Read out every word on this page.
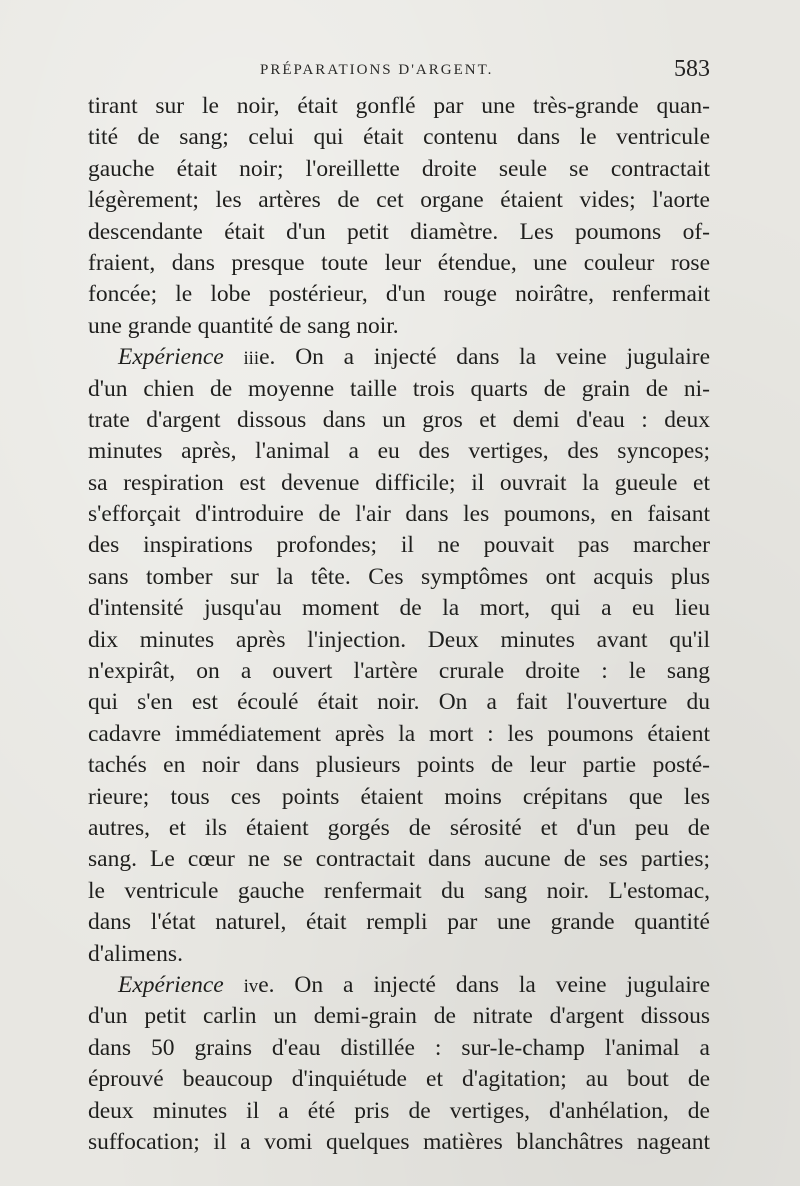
PRÉPARATIONS D'ARGENT.	583
tirant sur le noir, était gonflé par une très-grande quan-
tité de sang; celui qui était contenu dans le ventricule
gauche était noir; l'oreillette droite seule se contractait
légèrement; les artères de cet organe étaient vides; l'aorte
descendante était d'un petit diamètre. Les poumons of-
fraient, dans presque toute leur étendue, une couleur rose
foncée; le lobe postérieur, d'un rouge noirâtre, renfermait
une grande quantité de sang noir.
Expérience iiie. On a injecté dans la veine jugulaire
d'un chien de moyenne taille trois quarts de grain de ni-
trate d'argent dissous dans un gros et demi d'eau : deux
minutes après, l'animal a eu des vertiges, des syncopes;
sa respiration est devenue difficile; il ouvrait la gueule et
s'efforçait d'introduire de l'air dans les poumons, en faisant
des inspirations profondes; il ne pouvait pas marcher
sans tomber sur la tête. Ces symptômes ont acquis plus
d'intensité jusqu'au moment de la mort, qui a eu lieu
dix minutes après l'injection. Deux minutes avant qu'il
n'expirât, on a ouvert l'artère crurale droite : le sang
qui s'en est écoulé était noir. On a fait l'ouverture du
cadavre immédiatement après la mort : les poumons étaient
tachés en noir dans plusieurs points de leur partie posté-
rieure; tous ces points étaient moins crépitans que les
autres, et ils étaient gorgés de sérosité et d'un peu de
sang. Le cœur ne se contractait dans aucune de ses parties;
le ventricule gauche renfermait du sang noir. L'estomac,
dans l'état naturel, était rempli par une grande quantité
d'alimens.
Expérience ive. On a injecté dans la veine jugulaire
d'un petit carlin un demi-grain de nitrate d'argent dissous
dans 50 grains d'eau distillée : sur-le-champ l'animal a
éprouvé beaucoup d'inquiétude et d'agitation; au bout de
deux minutes il a été pris de vertiges, d'anhélation, de
suffocation; il a vomi quelques matières blanchâtres nageant
